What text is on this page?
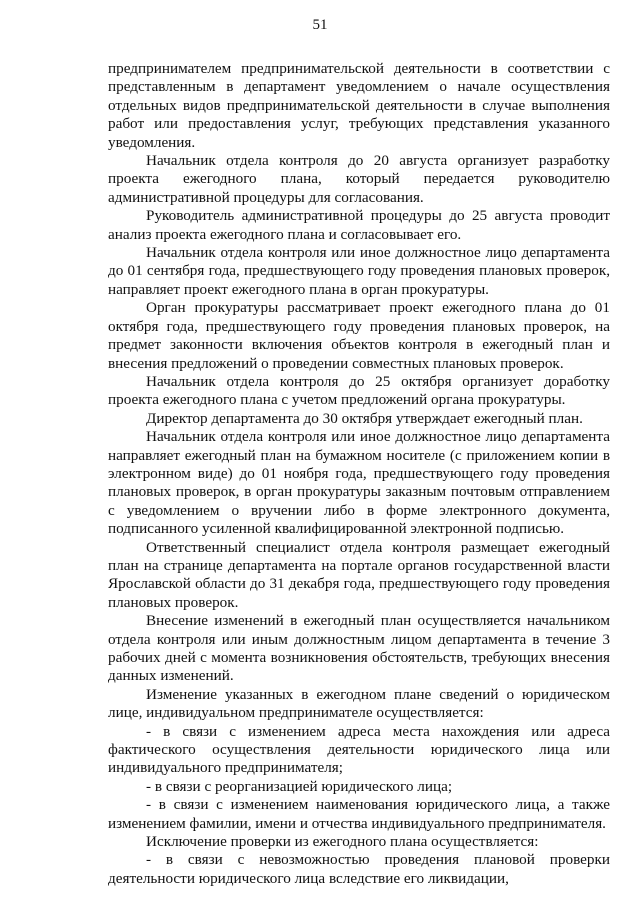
51

предпринимателем предпринимательской деятельности в соответствии с представленным в департамент уведомлением о начале осуществления отдельных видов предпринимательской деятельности в случае выполнения работ или предоставления услуг, требующих представления указанного уведомления.

Начальник отдела контроля до 20 августа организует разработку проекта ежегодного плана, который передается руководителю административной процедуры для согласования.

Руководитель административной процедуры до 25 августа проводит анализ проекта ежегодного плана и согласовывает его.

Начальник отдела контроля или иное должностное лицо департамента до 01 сентября года, предшествующего году проведения плановых проверок, направляет проект ежегодного плана в орган прокуратуры.

Орган прокуратуры рассматривает проект ежегодного плана до 01 октября года, предшествующего году проведения плановых проверок, на предмет законности включения объектов контроля в ежегодный план и внесения предложений о проведении совместных плановых проверок.

Начальник отдела контроля до 25 октября организует доработку проекта ежегодного плана с учетом предложений органа прокуратуры.

Директор департамента до 30 октября утверждает ежегодный план.

Начальник отдела контроля или иное должностное лицо департамента направляет ежегодный план на бумажном носителе (с приложением копии в электронном виде) до 01 ноября года, предшествующего году проведения плановых проверок, в орган прокуратуры заказным почтовым отправлением с уведомлением о вручении либо в форме электронного документа, подписанного усиленной квалифицированной электронной подписью.

Ответственный специалист отдела контроля размещает ежегодный план на странице департамента на портале органов государственной власти Ярославской области до 31 декабря года, предшествующего году проведения плановых проверок.

Внесение изменений в ежегодный план осуществляется начальником отдела контроля или иным должностным лицом департамента в течение 3 рабочих дней с момента возникновения обстоятельств, требующих внесения данных изменений.

Изменение указанных в ежегодном плане сведений о юридическом лице, индивидуальном предпринимателе осуществляется:

- в связи с изменением адреса места нахождения или адреса фактического осуществления деятельности юридического лица или индивидуального предпринимателя;

- в связи с реорганизацией юридического лица;

- в связи с изменением наименования юридического лица, а также изменением фамилии, имени и отчества индивидуального предпринимателя.

Исключение проверки из ежегодного плана осуществляется:

- в связи с невозможностью проведения плановой проверки деятельности юридического лица вследствие его ликвидации,
